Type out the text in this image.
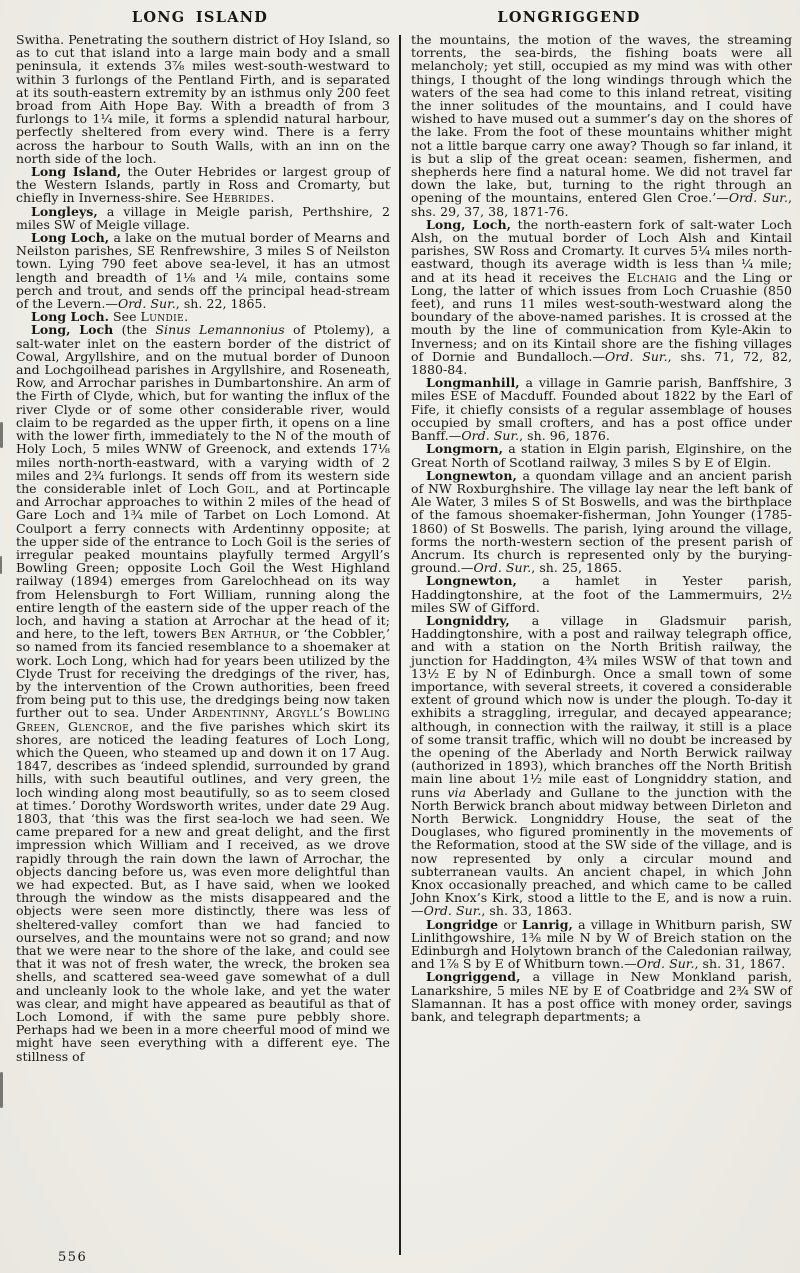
LONG ISLAND	LONGRIGGEND

Switha. Penetrating the southern district of Hoy Island, so as to cut that island into a large main body and a small peninsula, it extends 3⅞ miles west-south-westward to within 3 furlongs of the Pentland Firth, and is separated at its south-eastern extremity by an isthmus only 200 feet broad from Aith Hope Bay. With a breadth of from 3 furlongs to 1¼ mile, it forms a splendid natural harbour, perfectly sheltered from every wind. There is a ferry across the harbour to South Walls, with an inn on the north side of the loch.

Long Island, the Outer Hebrides or largest group of the Western Islands, partly in Ross and Cromarty, but chiefly in Inverness-shire. See Hebrides.

Longleys, a village in Meigle parish, Perthshire, 2 miles SW of Meigle village.

Long Loch, a lake on the mutual border of Mearns and Neilston parishes, SE Renfrewshire, 3 miles S of Neilston town. Lying 790 feet above sea-level, it has an utmost length and breadth of 1⅛ and ¼ mile, contains some perch and trout, and sends off the principal head-stream of the Levern.—Ord. Sur., sh. 22, 1865.

Long Loch. See Lundie.

Long, Loch (the Sinus Lemannonius of Ptolemy), a salt-water inlet on the eastern border of the district of Cowal, Argyllshire, and on the mutual border of Dunoon and Lochgoilhead parishes in Argyllshire, and Roseneath, Row, and Arrochar parishes in Dumbartonshire. An arm of the Firth of Clyde, which, but for wanting the influx of the river Clyde or of some other considerable river, would claim to be regarded as the upper firth, it opens on a line with the lower firth, immediately to the N of the mouth of Holy Loch, 5 miles WNW of Greenock, and extends 17⅛ miles north-north-eastward, with a varying width of 2 miles and 2¾ furlongs. It sends off from its western side the considerable inlet of Loch Goil, and at Portincaple and Arrochar approaches to within 2 miles of the head of Gare Loch and 1¾ mile of Tarbet on Loch Lomond. At Coulport a ferry connects with Ardentinny opposite; at the upper side of the entrance to Loch Goil is the series of irregular peaked mountains playfully termed Argyll’s Bowling Green; opposite Loch Goil the West Highland railway (1894) emerges from Garelochhead on its way from Helensburgh to Fort William, running along the entire length of the eastern side of the upper reach of the loch, and having a station at Arrochar at the head of it; and here, to the left, towers Ben Arthur, or ‘the Cobbler,’ so named from its fancied resemblance to a shoemaker at work. Loch Long, which had for years been utilized by the Clyde Trust for receiving the dredgings of the river, has, by the intervention of the Crown authorities, been freed from being put to this use, the dredgings being now taken further out to sea. Under Ardentinny, Argyll’s Bowling Green, Glencroe, and the five parishes which skirt its shores, are noticed the leading features of Loch Long, which the Queen, who steamed up and down it on 17 Aug. 1847, describes as ‘indeed splendid, surrounded by grand hills, with such beautiful outlines, and very green, the loch winding along most beautifully, so as to seem closed at times.’ Dorothy Wordsworth writes, under date 29 Aug. 1803, that ‘this was the first sea-loch we had seen. We came prepared for a new and great delight, and the first impression which William and I received, as we drove rapidly through the rain down the lawn of Arrochar, the objects dancing before us, was even more delightful than we had expected. But, as I have said, when we looked through the window as the mists disappeared and the objects were seen more distinctly, there was less of sheltered-valley comfort than we had fancied to ourselves, and the mountains were not so grand; and now that we were near to the shore of the lake, and could see that it was not of fresh water, the wreck, the broken sea shells, and scattered sea-weed gave somewhat of a dull and uncleanly look to the whole lake, and yet the water was clear, and might have appeared as beautiful as that of Loch Lomond, if with the same pure pebbly shore. Perhaps had we been in a more cheerful mood of mind we might have seen everything with a different eye. The stillness of

the mountains, the motion of the waves, the streaming torrents, the sea-birds, the fishing boats were all melancholy; yet still, occupied as my mind was with other things, I thought of the long windings through which the waters of the sea had come to this inland retreat, visiting the inner solitudes of the mountains, and I could have wished to have mused out a summer’s day on the shores of the lake. From the foot of these mountains whither might not a little barque carry one away? Though so far inland, it is but a slip of the great ocean: seamen, fishermen, and shepherds here find a natural home. We did not travel far down the lake, but, turning to the right through an opening of the mountains, entered Glen Croe.’—Ord. Sur., shs. 29, 37, 38, 1871-76.

Long, Loch, the north-eastern fork of salt-water Loch Alsh, on the mutual border of Loch Alsh and Kintail parishes, SW Ross and Cromarty. It curves 5¼ miles north-eastward, though its average width is less than ¼ mile; and at its head it receives the Elchaig and the Ling or Long, the latter of which issues from Loch Cruashie (850 feet), and runs 11 miles west-south-westward along the boundary of the above-named parishes. It is crossed at the mouth by the line of communication from Kyle-Akin to Inverness; and on its Kintail shore are the fishing villages of Dornie and Bundalloch.—Ord. Sur., shs. 71, 72, 82, 1880-84.

Longmanhill, a village in Gamrie parish, Banffshire, 3 miles ESE of Macduff. Founded about 1822 by the Earl of Fife, it chiefly consists of a regular assemblage of houses occupied by small crofters, and has a post office under Banff.—Ord. Sur., sh. 96, 1876.

Longmorn, a station in Elgin parish, Elginshire, on the Great North of Scotland railway, 3 miles S by E of Elgin.

Longnewton, a quondam village and an ancient parish of NW Roxburghshire. The village lay near the left bank of Ale Water, 3 miles S of St Boswells, and was the birthplace of the famous shoemaker-fisherman, John Younger (1785-1860) of St Boswells. The parish, lying around the village, forms the north-western section of the present parish of Ancrum. Its church is represented only by the burying-ground.—Ord. Sur., sh. 25, 1865.

Longnewton, a hamlet in Yester parish, Haddingtonshire, at the foot of the Lammermuirs, 2½ miles SW of Gifford.

Longniddry, a village in Gladsmuir parish, Haddingtonshire, with a post and railway telegraph office, and with a station on the North British railway, the junction for Haddington, 4¾ miles WSW of that town and 13½ E by N of Edinburgh. Once a small town of some importance, with several streets, it covered a considerable extent of ground which now is under the plough. To-day it exhibits a straggling, irregular, and decayed appearance; although, in connection with the railway, it still is a place of some transit traffic, which will no doubt be increased by the opening of the Aberlady and North Berwick railway (authorized in 1893), which branches off the North British main line about 1½ mile east of Longniddry station, and runs via Aberlady and Gullane to the junction with the North Berwick branch about midway between Dirleton and North Berwick. Longniddry House, the seat of the Douglases, who figured prominently in the movements of the Reformation, stood at the SW side of the village, and is now represented by only a circular mound and subterranean vaults. An ancient chapel, in which John Knox occasionally preached, and which came to be called John Knox’s Kirk, stood a little to the E, and is now a ruin.—Ord. Sur., sh. 33, 1863.

Longridge or Lanrig, a village in Whitburn parish, SW Linlithgowshire, 1⅜ mile N by W of Breich station on the Edinburgh and Holytown branch of the Caledonian railway, and 1⅞ S by E of Whitburn town.—Ord. Sur., sh. 31, 1867.

Longriggend, a village in New Monkland parish, Lanarkshire, 5 miles NE by E of Coatbridge and 2¾ SW of Slamannan. It has a post office with money order, savings bank, and telegraph departments; a

556
